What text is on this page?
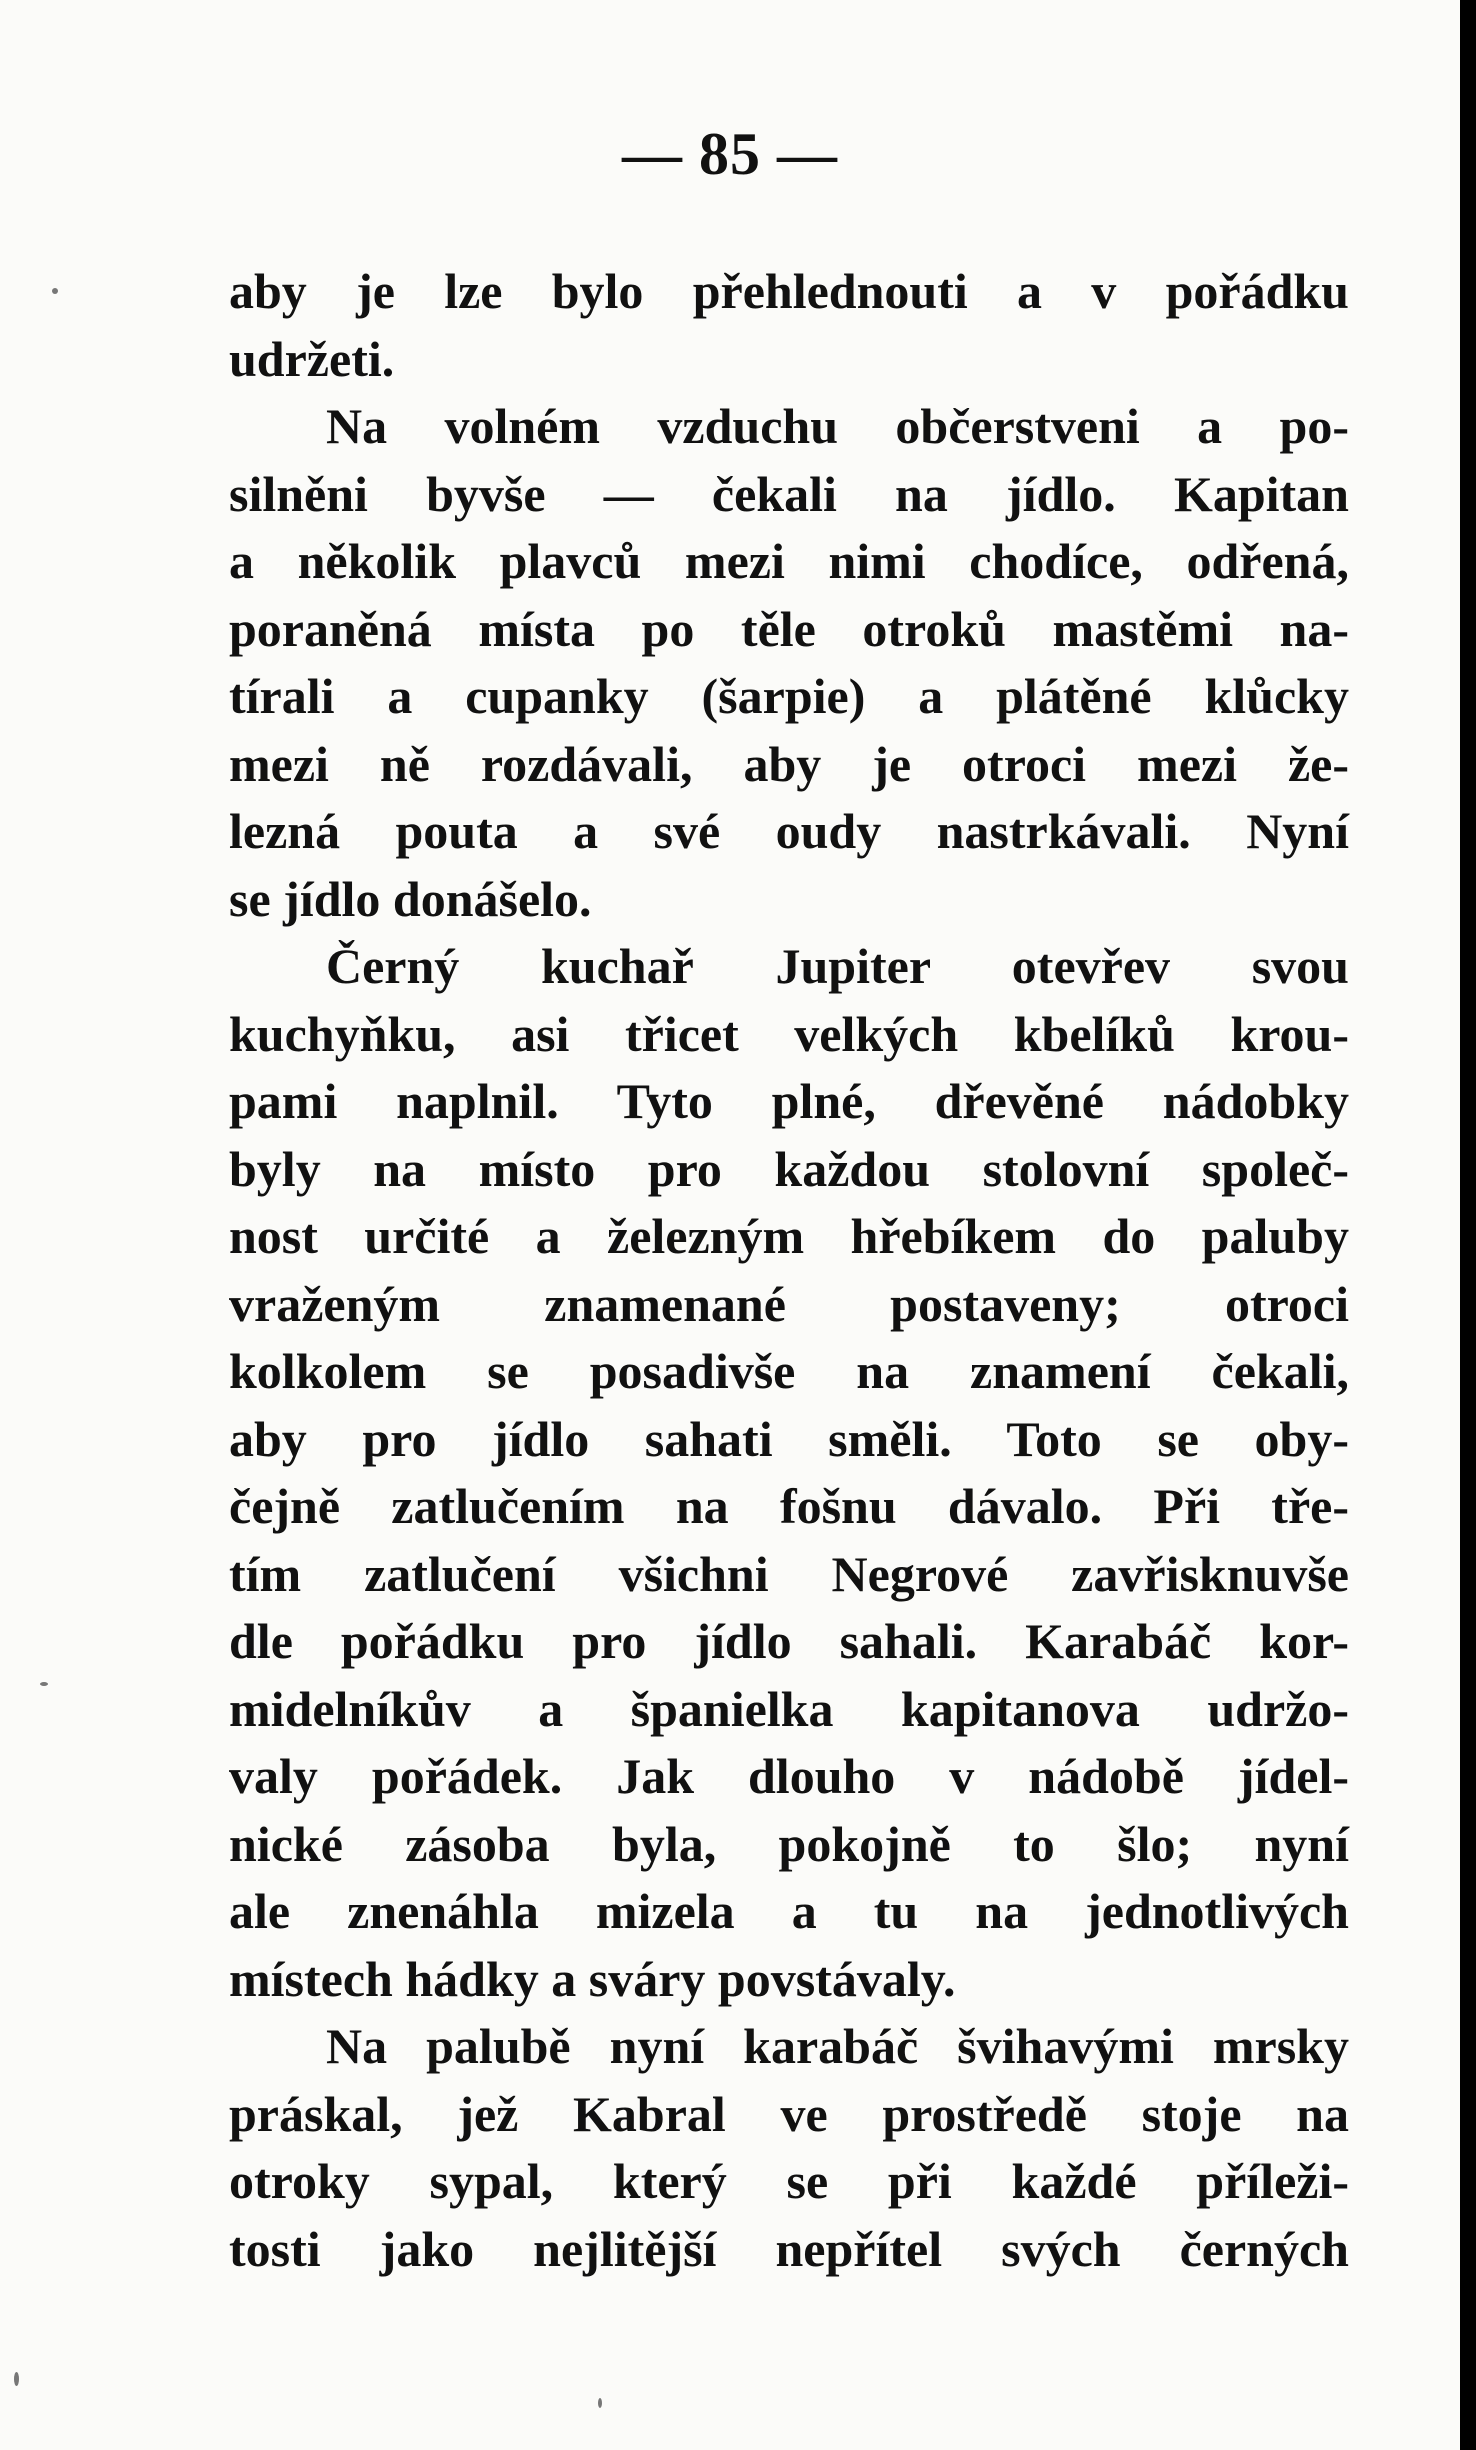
— 85 —
aby je lze bylo přehlednouti a v pořádku
udržeti.
Na volném vzduchu občerstveni a po-
silněni byvše — čekali na jídlo. Kapitan
a několik plavců mezi nimi chodíce, odřená,
poraněná místa po těle otroků mastěmi na-
tírali a cupanky (šarpie) a plátěné klůcky
mezi ně rozdávali, aby je otroci mezi že-
lezná pouta a své oudy nastrkávali. Nyní
se jídlo donášelo.
Černý kuchař Jupiter otevřev svou
kuchyňku, asi třicet velkých kbelíků krou-
pami naplnil. Tyto plné, dřevěné nádobky
byly na místo pro každou stolovní společ-
nost určité a železným hřebíkem do paluby
vraženým znamenané postaveny; otroci
kolkolem se posadivše na znamení čekali,
aby pro jídlo sahati směli. Toto se oby-
čejně zatlučením na fošnu dávalo. Při tře-
tím zatlučení všichni Negrové zavřisknuvše
dle pořádku pro jídlo sahali. Karabáč kor-
midelníkův a španielka kapitanova udržo-
valy pořádek. Jak dlouho v nádobě jídel-
nické zásoba byla, pokojně to šlo; nyní
ale znenáhla mizela a tu na jednotlivých
místech hádky a sváry povstávaly.
Na palubě nyní karabáč švihavými mrsky
práskal, jež Kabral ve prostředě stoje na
otroky sypal, který se při každé příleži-
tosti jako nejlitější nepřítel svých černých
